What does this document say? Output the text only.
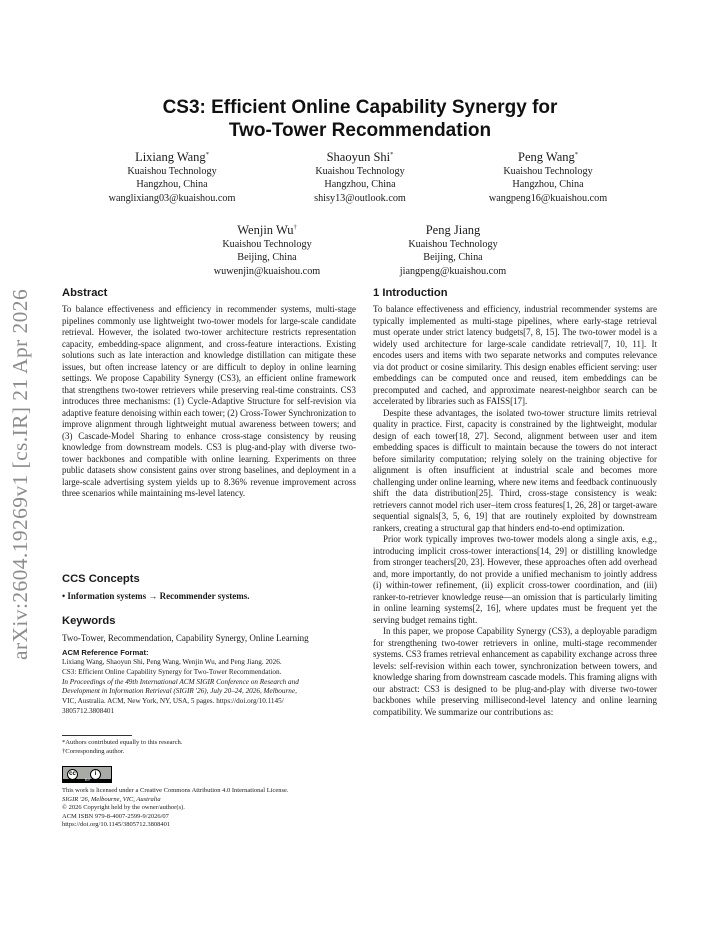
arXiv:2604.19269v1 [cs.IR] 21 Apr 2026
CS3: Efficient Online Capability Synergy for
Two-Tower Recommendation
Lixiang Wang*
Kuaishou Technology
Hangzhou, China
wanglixiang03@kuaishou.com
Shaoyun Shi*
Kuaishou Technology
Hangzhou, China
shisy13@outlook.com
Peng Wang*
Kuaishou Technology
Hangzhou, China
wangpeng16@kuaishou.com
Wenjin Wu†
Kuaishou Technology
Beijing, China
wuwenjin@kuaishou.com
Peng Jiang
Kuaishou Technology
Beijing, China
jiangpeng@kuaishou.com
Abstract

To balance effectiveness and efficiency in recommender systems, multi-stage pipelines commonly use lightweight two-tower models for large-scale candidate retrieval. However, the isolated two-tower architecture restricts representation capacity, embedding-space alignment, and cross-feature interactions. Existing solutions such as late interaction and knowledge distillation can mitigate these issues, but often increase latency or are difficult to deploy in online learning settings. We propose Capability Synergy (CS3), an efficient online framework that strengthens two-tower retrievers while preserving real-time constraints. CS3 introduces three mechanisms: (1) Cycle-Adaptive Structure for self-revision via adaptive feature denoising within each tower; (2) Cross-Tower Synchronization to improve alignment through lightweight mutual awareness between towers; and (3) Cascade-Model Sharing to enhance cross-stage consistency by reusing knowledge from downstream models. CS3 is plug-and-play with diverse two-tower backbones and compatible with online learning. Experiments on three public datasets show consistent gains over strong baselines, and deployment in a large-scale advertising system yields up to 8.36% revenue improvement across three scenarios while maintaining ms-level latency.

CCS Concepts
• Information systems → Recommender systems.
Keywords
Two-Tower, Recommendation, Capability Synergy, Online Learning
ACM Reference Format:
Lixiang Wang, Shaoyun Shi, Peng Wang, Wenjin Wu, and Peng Jiang. 2026.
CS3: Efficient Online Capability Synergy for Two-Tower Recommendation.
In Proceedings of the 49th International ACM SIGIR Conference on Research and
Development in Information Retrieval (SIGIR '26), July 20–24, 2026, Melbourne,
VIC, Australia. ACM, New York, NY, USA, 5 pages. https://doi.org/10.1145/
3805712.3808401
*Authors contributed equally to this research.
†Corresponding author.
cc	i
BY
This work is licensed under a Creative Commons Attribution 4.0 International License.
SIGIR '26, Melbourne, VIC, Australia
© 2026 Copyright held by the owner/author(s).
ACM ISBN 979-8-4007-2599-9/2026/07
https://doi.org/10.1145/3805712.3808401
1 Introduction

To balance effectiveness and efficiency, industrial recommender systems are typically implemented as multi-stage pipelines, where early-stage retrieval must operate under strict latency budgets[7, 8, 15]. The two-tower model is a widely used architecture for large-scale candidate retrieval[7, 10, 11]. It encodes users and items with two separate networks and computes relevance via dot product or cosine similarity. This design enables efficient serving: user embeddings can be computed once and reused, item embeddings can be precomputed and cached, and approximate nearest-neighbor search can be accelerated by libraries such as FAISS[17].

Despite these advantages, the isolated two-tower structure limits retrieval quality in practice. First, capacity is constrained by the lightweight, modular design of each tower[18, 27]. Second, alignment between user and item embedding spaces is difficult to maintain because the towers do not interact before similarity computation; relying solely on the training objective for alignment is often insufficient at industrial scale and becomes more challenging under online learning, where new items and feedback continuously shift the data distribution[25]. Third, cross-stage consistency is weak: retrievers cannot model rich user–item cross features[1, 26, 28] or target-aware sequential signals[3, 5, 6, 19] that are routinely exploited by downstream rankers, creating a structural gap that hinders end-to-end optimization.

Prior work typically improves two-tower models along a single axis, e.g., introducing implicit cross-tower interactions[14, 29] or distilling knowledge from stronger teachers[20, 23]. However, these approaches often add overhead and, more importantly, do not provide a unified mechanism to jointly address (i) within-tower refinement, (ii) explicit cross-tower coordination, and (iii) ranker-to-retriever knowledge reuse—an omission that is particularly limiting in online learning systems[2, 16], where updates must be frequent yet the serving budget remains tight.

In this paper, we propose Capability Synergy (CS3), a deployable paradigm for strengthening two-tower retrievers in online, multi-stage recommender systems. CS3 frames retrieval enhancement as capability exchange across three levels: self-revision within each tower, synchronization between towers, and knowledge sharing from downstream cascade models. This framing aligns with our abstract: CS3 is designed to be plug-and-play with diverse two-tower backbones while preserving millisecond-level latency and online learning compatibility. We summarize our contributions as:
